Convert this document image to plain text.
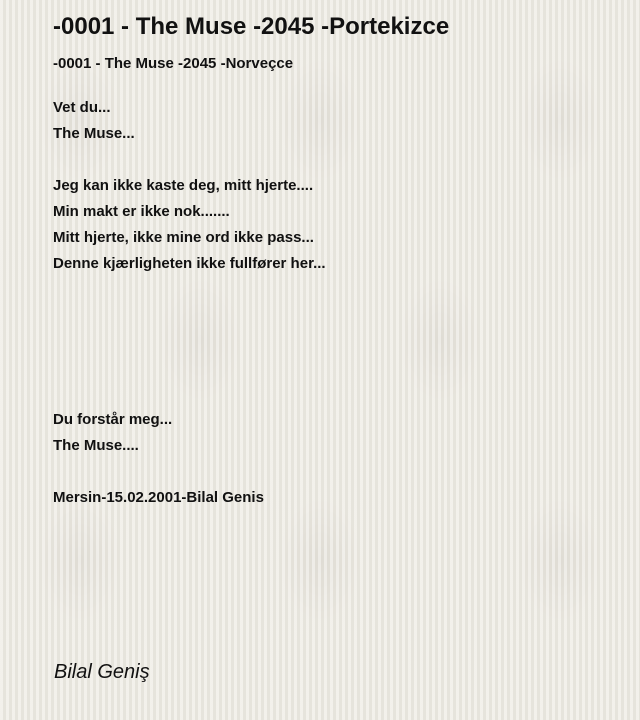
-0001 - The Muse -2045 -Portekizce

-0001 - The Muse -2045 -Norveçce

Vet du...
The Muse...
Jeg kan ikke kaste deg, mitt hjerte....
Min makt er ikke nok.......
Mitt hjerte, ikke mine ord ikke pass...
Denne kjærligheten ikke fullfører her...
Du forstår meg...
The Muse....
Mersin-15.02.2001-Bilal Genis
Bilal Geniş
